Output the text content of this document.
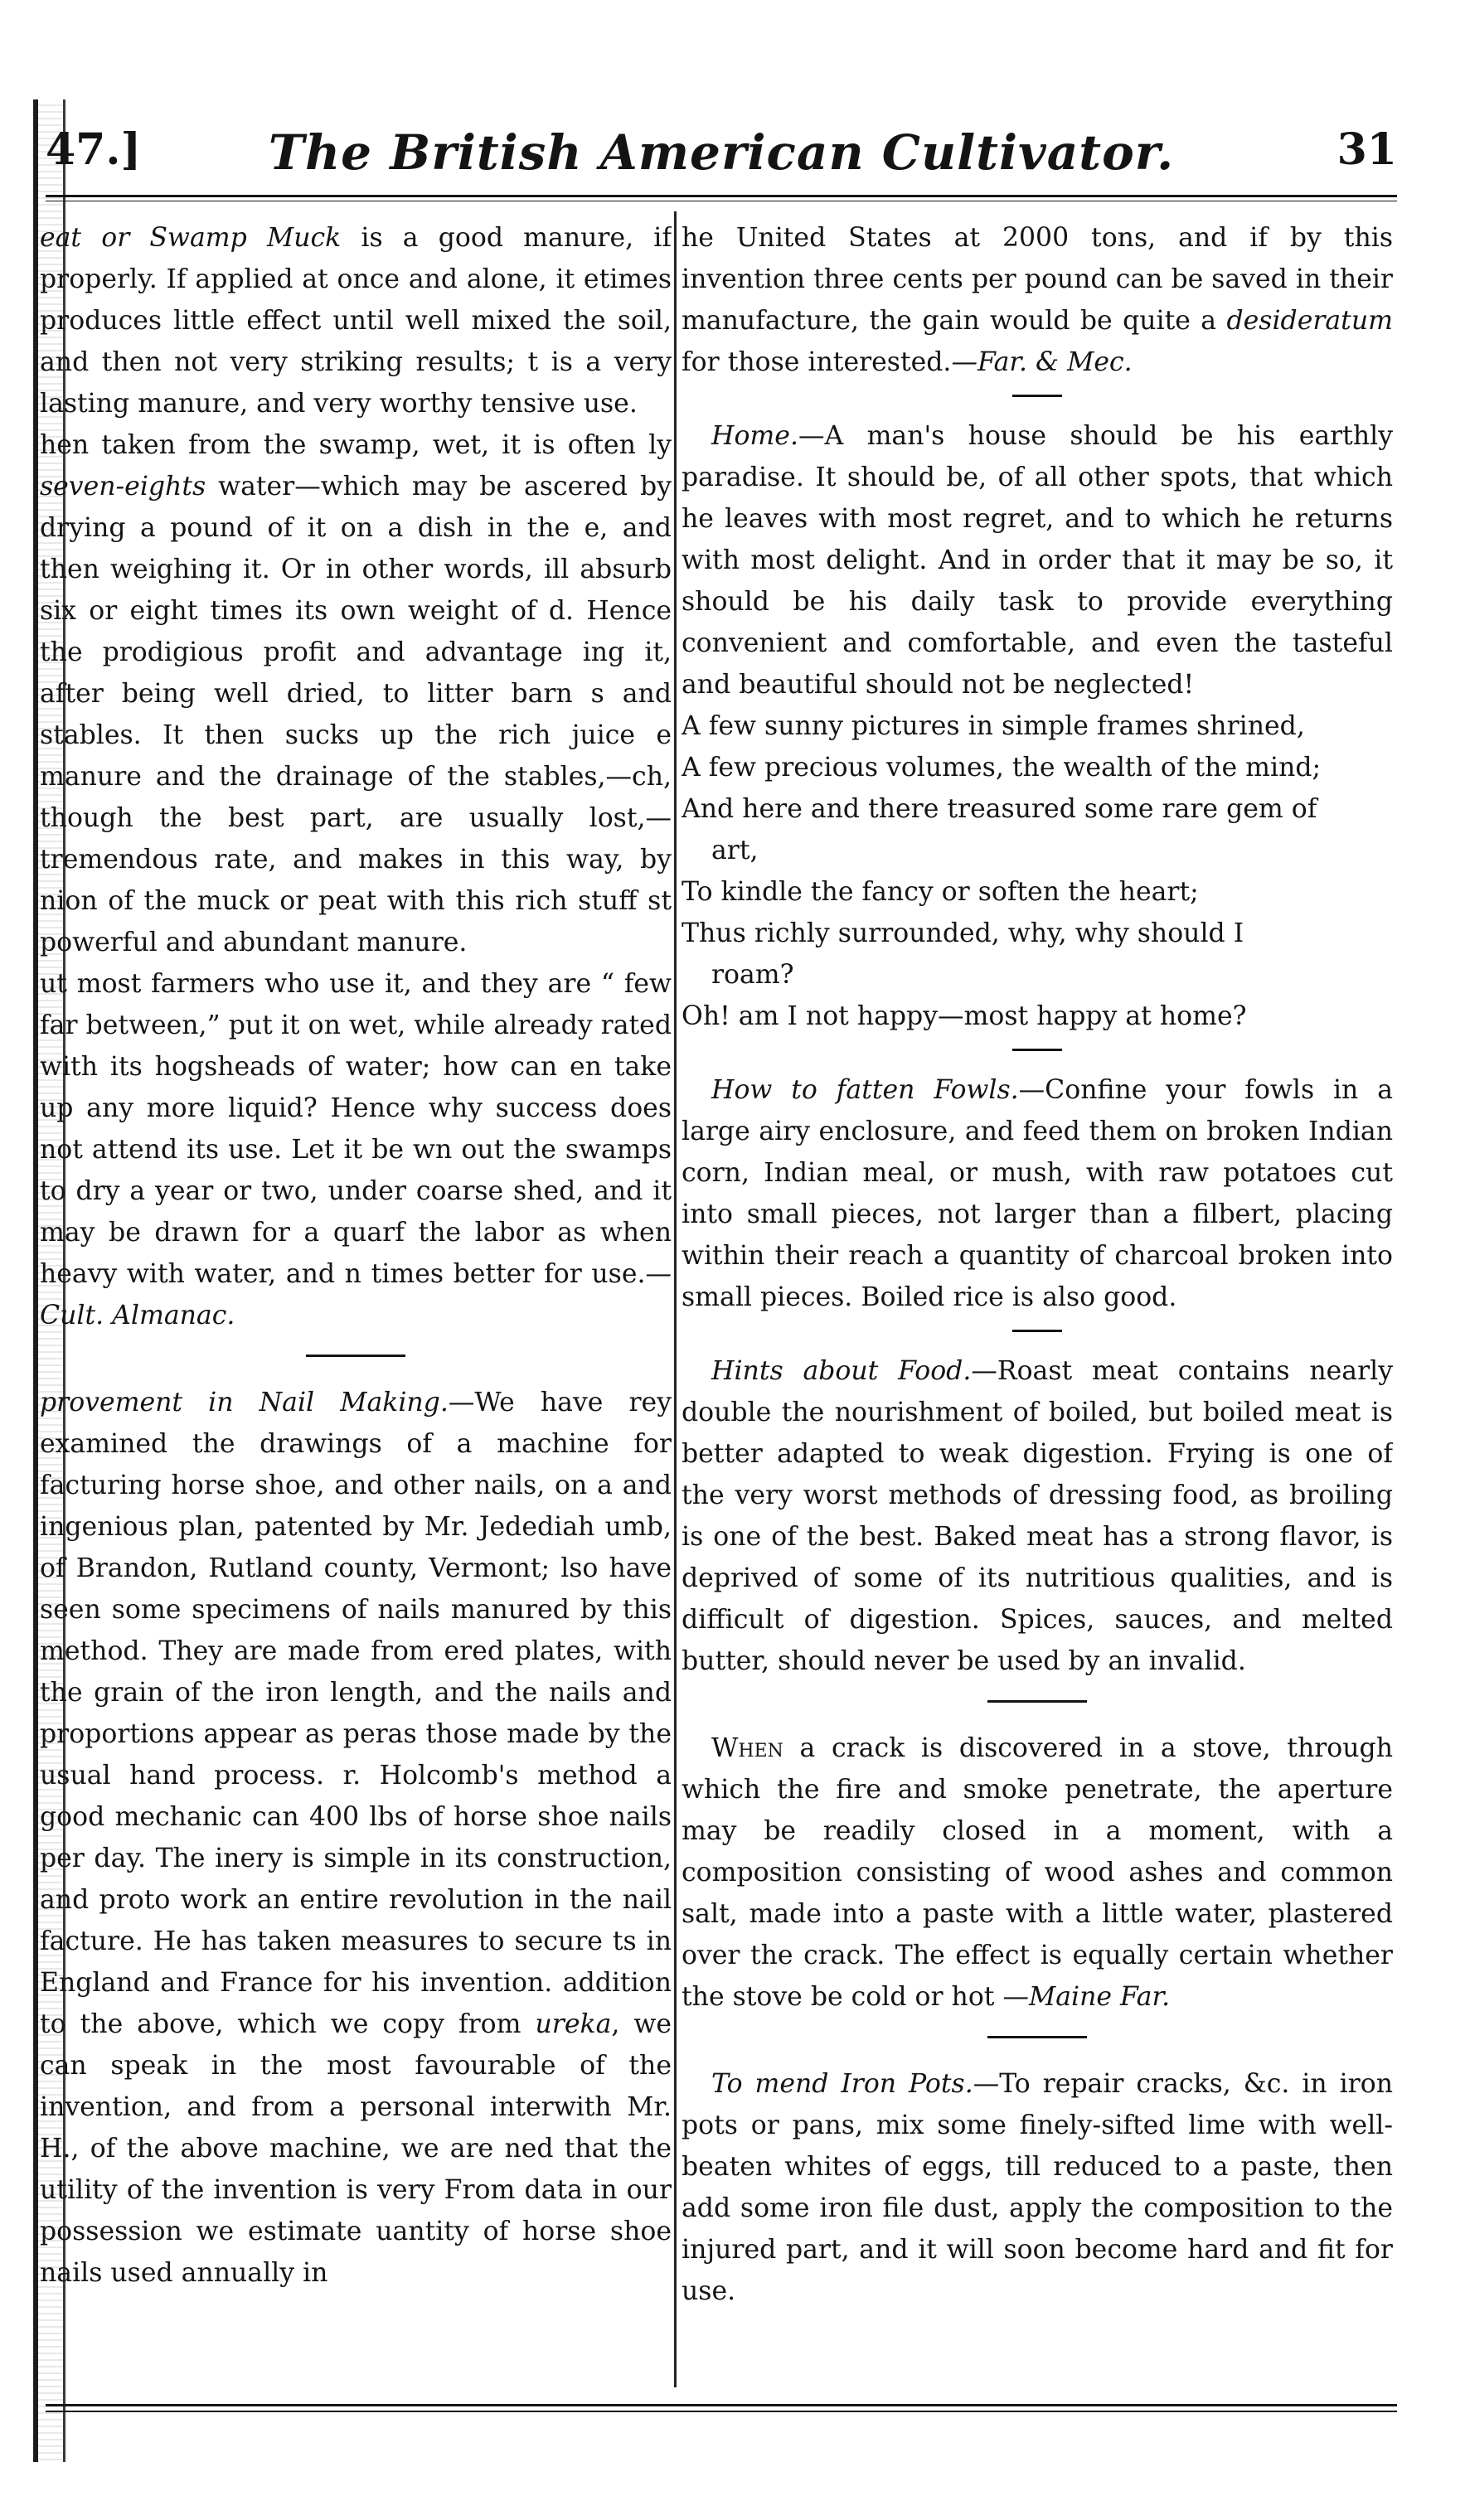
47.]	The British American Cultivator.	31

eat or Swamp Muck is a good manure, if properly. If applied at once and alone, it etimes produces little effect until well mixed the soil, and then not very striking results; t is a very lasting manure, and very worthy tensive use.

hen taken from the swamp, wet, it is often ly seven-eights water—which may be ascered by drying a pound of it on a dish in the e, and then weighing it. Or in other words, ill absurb six or eight times its own weight of d. Hence the prodigious profit and advantage ing it, after being well dried, to litter barn s and stables. It then sucks up the rich juice e manure and the drainage of the stables,—ch, though the best part, are usually lost,—tremendous rate, and makes in this way, by nion of the muck or peat with this rich stuff st powerful and abundant manure.

ut most farmers who use it, and they are “ few far between,” put it on wet, while already rated with its hogsheads of water; how can en take up any more liquid? Hence why success does not attend its use. Let it be wn out the swamps to dry a year or two, under coarse shed, and it may be drawn for a quarf the labor as when heavy with water, and n times better for use.—Cult. Almanac.

provement in Nail Making.—We have rey examined the drawings of a machine for facturing horse shoe, and other nails, on a and ingenious plan, patented by Mr. Jedediah umb, of Brandon, Rutland county, Vermont; lso have seen some specimens of nails manured by this method. They are made from ered plates, with the grain of the iron length, and the nails and proportions appear as peras those made by the usual hand process. r. Holcomb's method a good mechanic can 400 lbs of horse shoe nails per day. The inery is simple in its construction, and proto work an entire revolution in the nail facture. He has taken measures to secure ts in England and France for his invention. addition to the above, which we copy from ureka, we can speak in the most favourable of the invention, and from a personal interwith Mr. H., of the above machine, we are ned that the utility of the invention is very From data in our possession we estimate uantity of horse shoe nails used annually in

he United States at 2000 tons, and if by this invention three cents per pound can be saved in their manufacture, the gain would be quite a desideratum for those interested.—Far. & Mec.

Home.—A man's house should be his earthly paradise. It should be, of all other spots, that which he leaves with most regret, and to which he returns with most delight. And in order that it may be so, it should be his daily task to provide everything convenient and comfortable, and even the tasteful and beautiful should not be neglected!

A few sunny pictures in simple frames shrined,
A few precious volumes, the wealth of the mind;
And here and there treasured some rare gem of
art,
To kindle the fancy or soften the heart;
Thus richly surrounded, why, why should I
roam?
Oh! am I not happy—most happy at home?

How to fatten Fowls.—Confine your fowls in a large airy enclosure, and feed them on broken Indian corn, Indian meal, or mush, with raw potatoes cut into small pieces, not larger than a filbert, placing within their reach a quantity of charcoal broken into small pieces. Boiled rice is also good.

Hints about Food.—Roast meat contains nearly double the nourishment of boiled, but boiled meat is better adapted to weak digestion. Frying is one of the very worst methods of dressing food, as broiling is one of the best. Baked meat has a strong flavor, is deprived of some of its nutritious qualities, and is difficult of digestion. Spices, sauces, and melted butter, should never be used by an invalid.

When a crack is discovered in a stove, through which the fire and smoke penetrate, the aperture may be readily closed in a moment, with a composition consisting of wood ashes and common salt, made into a paste with a little water, plastered over the crack. The effect is equally certain whether the stove be cold or hot —Maine Far.

To mend Iron Pots.—To repair cracks, &c. in iron pots or pans, mix some finely-sifted lime with well-beaten whites of eggs, till reduced to a paste, then add some iron file dust, apply the composition to the injured part, and it will soon become hard and fit for use.
